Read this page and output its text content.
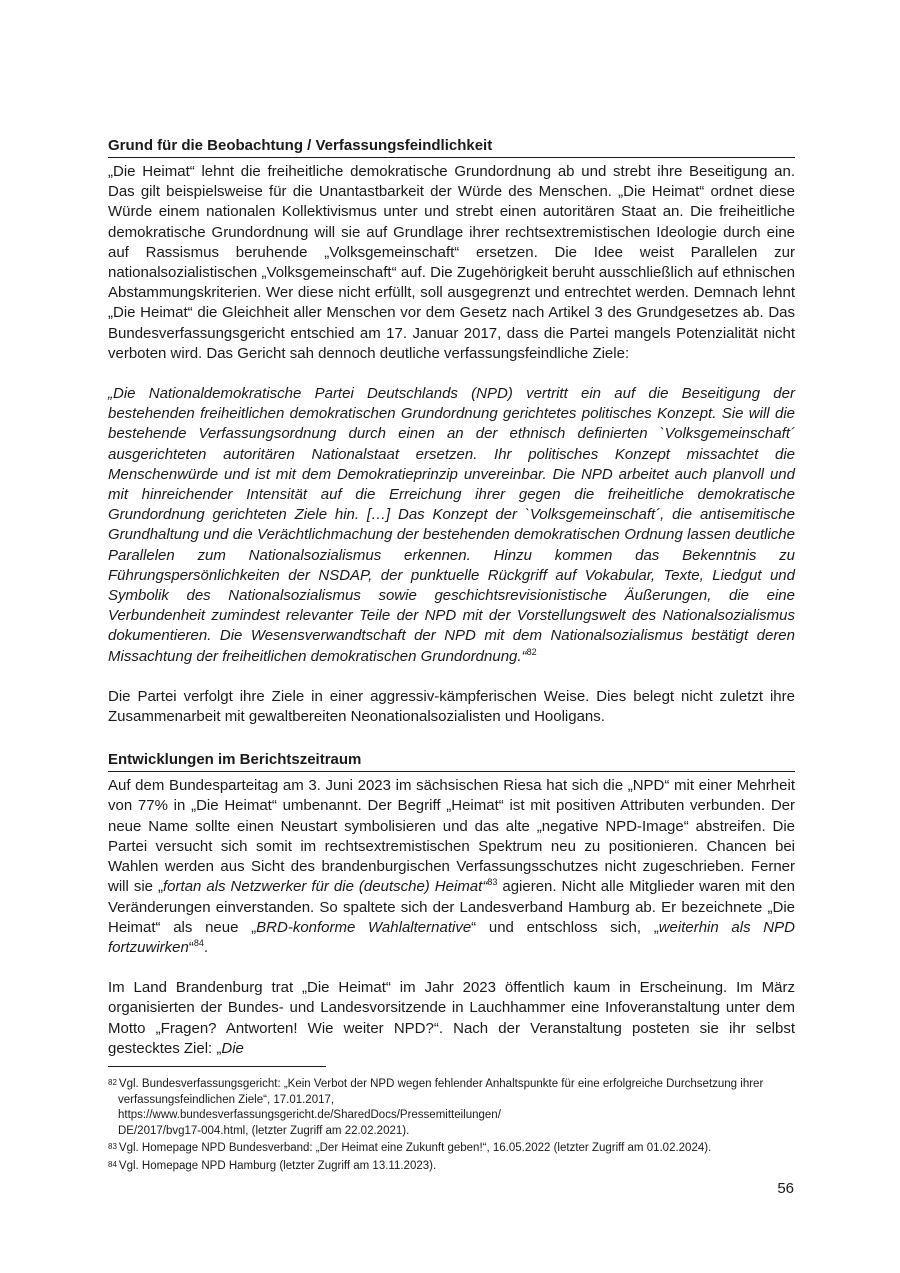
Grund für die Beobachtung / Verfassungsfeindlichkeit

„Die Heimat“ lehnt die freiheitliche demokratische Grundordnung ab und strebt ihre Beseitigung an. Das gilt beispielsweise für die Unantastbarkeit der Würde des Menschen. „Die Heimat“ ordnet diese Würde einem nationalen Kollektivismus unter und strebt einen autoritären Staat an. Die freiheitliche demokratische Grundordnung will sie auf Grundlage ihrer rechtsextremistischen Ideologie durch eine auf Rassismus beruhende „Volksgemeinschaft“ ersetzen. Die Idee weist Parallelen zur nationalsozialistischen „Volksgemeinschaft“ auf. Die Zugehörigkeit beruht ausschließlich auf ethnischen Abstammungskriterien. Wer diese nicht erfüllt, soll ausgegrenzt und entrechtet werden. Demnach lehnt „Die Heimat“ die Gleichheit aller Menschen vor dem Gesetz nach Artikel 3 des Grundgesetzes ab. Das Bundesverfassungsgericht entschied am 17. Januar 2017, dass die Partei mangels Potenzialität nicht verboten wird. Das Gericht sah dennoch deutliche verfassungsfeindliche Ziele:

„Die Nationaldemokratische Partei Deutschlands (NPD) vertritt ein auf die Beseitigung der bestehenden freiheitlichen demokratischen Grundordnung gerichtetes politisches Konzept. Sie will die bestehende Verfassungsordnung durch einen an der ethnisch definierten `Volksgemeinschaft´ ausgerichteten autoritären Nationalstaat ersetzen. Ihr politisches Konzept missachtet die Menschenwürde und ist mit dem Demokratieprinzip unvereinbar. Die NPD arbeitet auch planvoll und mit hinreichender Intensität auf die Erreichung ihrer gegen die freiheitliche demokratische Grundordnung gerichteten Ziele hin. […] Das Konzept der `Volksgemeinschaft´, die antisemitische Grundhaltung und die Verächtlichmachung der bestehenden demokratischen Ordnung lassen deutliche Parallelen zum Nationalsozialismus erkennen. Hinzu kommen das Bekenntnis zu Führungspersönlichkeiten der NSDAP, der punktuelle Rückgriff auf Vokabular, Texte, Liedgut und Symbolik des Nationalsozialismus sowie geschichtsrevisionistische Äußerungen, die eine Verbundenheit zumindest relevanter Teile der NPD mit der Vorstellungswelt des Nationalsozialismus dokumentieren. Die Wesensverwandtschaft der NPD mit dem Nationalsozialismus bestätigt deren Missachtung der freiheitlichen demokratischen Grundordnung.“$^{82}$

Die Partei verfolgt ihre Ziele in einer aggressiv-kämpferischen Weise. Dies belegt nicht zuletzt ihre Zusammenarbeit mit gewaltbereiten Neonationalsozialisten und Hooligans.

Entwicklungen im Berichtszeitraum

Auf dem Bundesparteitag am 3. Juni 2023 im sächsischen Riesa hat sich die „NPD“ mit einer Mehrheit von 77% in „Die Heimat“ umbenannt. Der Begriff „Heimat“ ist mit positiven Attributen verbunden. Der neue Name sollte einen Neustart symbolisieren und das alte „negative NPD-Image“ abstreifen. Die Partei versucht sich somit im rechtsextremistischen Spektrum neu zu positionieren. Chancen bei Wahlen werden aus Sicht des brandenburgischen Verfassungsschutzes nicht zugeschrieben. Ferner will sie „fortan als Netzwerker für die (deutsche) Heimat“$^{83}$ agieren. Nicht alle Mitglieder waren mit den Veränderungen einverstanden. So spaltete sich der Landesverband Hamburg ab. Er bezeichnete „Die Heimat“ als neue „BRD-konforme Wahlalternative“ und entschloss sich, „weiterhin als NPD fortzuwirken“$^{84}$.

Im Land Brandenburg trat „Die Heimat“ im Jahr 2023 öffentlich kaum in Erscheinung. Im März organisierten der Bundes- und Landesvorsitzende in Lauchhammer eine Infoveranstaltung unter dem Motto „Fragen? Antworten! Wie weiter NPD?“. Nach der Veranstaltung posteten sie ihr selbst gestecktes Ziel: „Die

82 Vgl. Bundesverfassungsgericht: „Kein Verbot der NPD wegen fehlender Anhaltspunkte für eine erfolgreiche Durchsetzung ihrer verfassungsfeindlichen Ziele“, 17.01.2017,
https://www.bundesverfassungsgericht.de/SharedDocs/Pressemitteilungen/
DE/2017/bvg17-004.html, (letzter Zugriff am 22.02.2021).

83 Vgl. Homepage NPD Bundesverband: „Der Heimat eine Zukunft geben!“, 16.05.2022 (letzter Zugriff am 01.02.2024).

84 Vgl. Homepage NPD Hamburg (letzter Zugriff am 13.11.2023).

56
